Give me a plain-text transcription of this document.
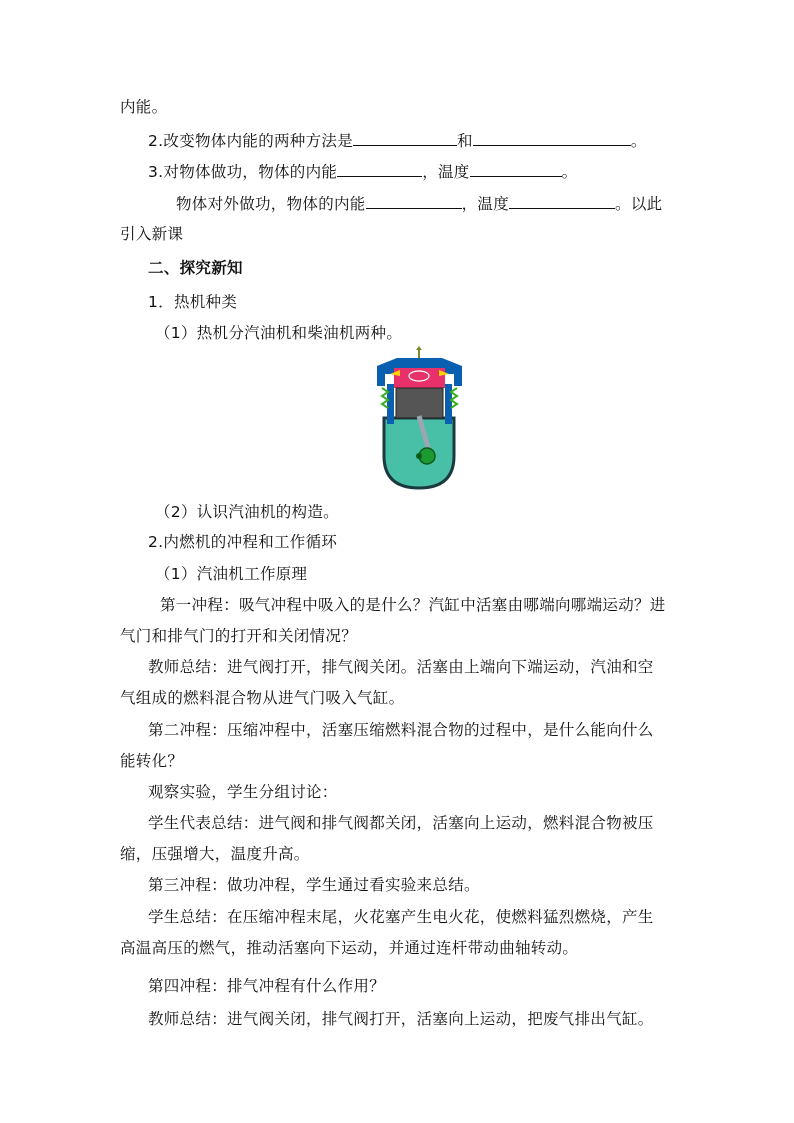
内能。
2.改变物体内能的两种方法是	和	。
3.对物体做功，物体的内能	，温度	。
物体对外做功，物体的内能	，温度	。以此
引入新课
二、探究新知
1．热机种类
（1）热机分汽油机和柴油机两种。
（2）认识汽油机的构造。
2.内燃机的冲程和工作循环
（1）汽油机工作原理
第一冲程：吸气冲程中吸入的是什么？汽缸中活塞由哪端向哪端运动？进
气门和排气门的打开和关闭情况？
教师总结：进气阀打开，排气阀关闭。活塞由上端向下端运动，汽油和空
气组成的燃料混合物从进气门吸入气缸。
第二冲程：压缩冲程中，活塞压缩燃料混合物的过程中，是什么能向什么
能转化？
观察实验，学生分组讨论：
学生代表总结：进气阀和排气阀都关闭，活塞向上运动，燃料混合物被压
缩，压强增大，温度升高。
第三冲程：做功冲程，学生通过看实验来总结。
学生总结：在压缩冲程末尾，火花塞产生电火花，使燃料猛烈燃烧，产生
高温高压的燃气，推动活塞向下运动，并通过连杆带动曲轴转动。
第四冲程：排气冲程有什么作用？
教师总结：进气阀关闭，排气阀打开，活塞向上运动，把废气排出气缸。
